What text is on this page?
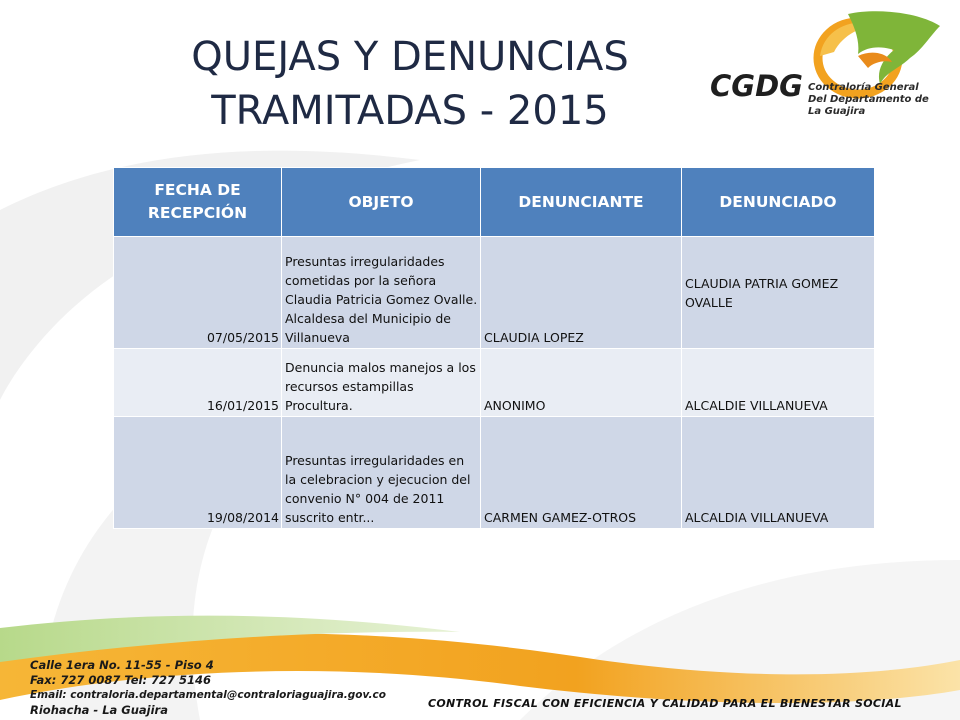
QUEJAS Y DENUNCIAS
TRAMITADAS - 2015
CGDG Contraloría General
Del Departamento de
La Guajira
FECHA DE RECEPCIÓN	OBJETO	DENUNCIANTE	DENUNCIADO
07/05/2015	Presuntas irregularidades cometidas por la señora Claudia Patricia Gomez Ovalle. Alcaldesa del Municipio de Villanueva	CLAUDIA LOPEZ	CLAUDIA PATRIA GOMEZ OVALLE
16/01/2015	Denuncia malos manejos a los recursos estampillas Procultura.	ANONIMO	ALCALDIE VILLANUEVA
19/08/2014	Presuntas irregularidades en la celebracion y ejecucion del convenio N° 004 de 2011 suscrito entr...	CARMEN GAMEZ-OTROS	ALCALDIA VILLANUEVA
Calle 1era No. 11-55 - Piso 4
Fax: 727 0087 Tel: 727 5146
Email: contraloria.departamental@contraloriaguajira.gov.co
Riohacha - La Guajira	CONTROL FISCAL CON EFICIENCIA Y CALIDAD PARA EL BIENESTAR SOCIAL
